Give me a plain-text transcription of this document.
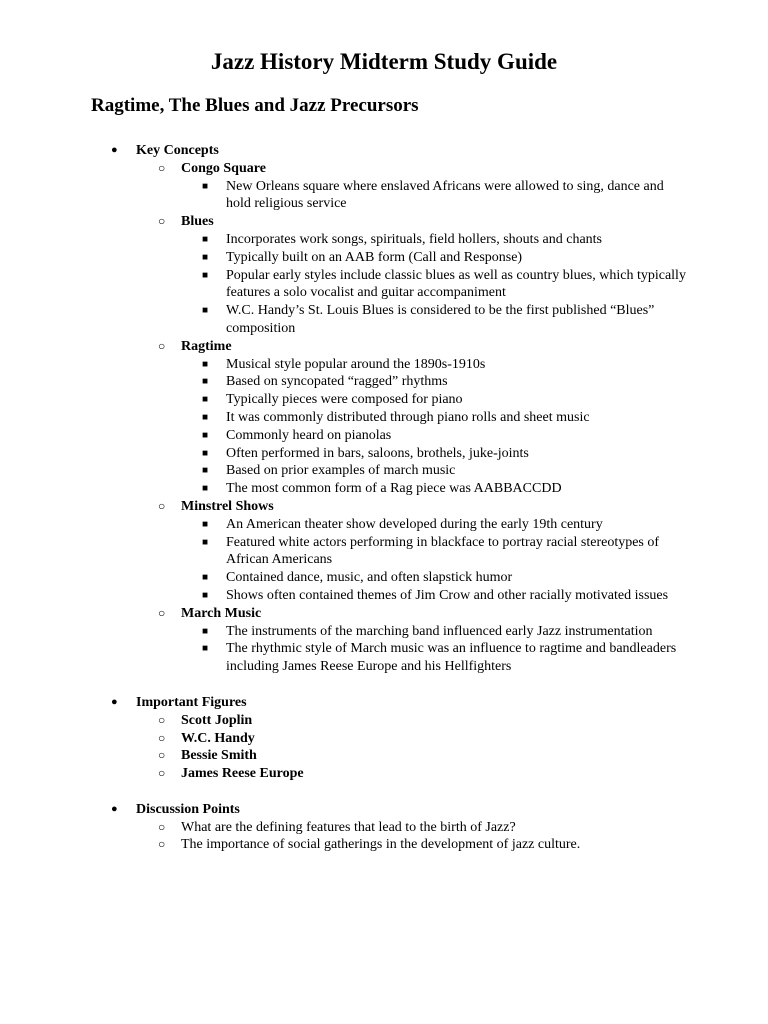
Jazz History Midterm Study Guide
Ragtime, The Blues and Jazz Precursors
● Key Concepts
○ Congo Square
■ New Orleans square where enslaved Africans were allowed to sing, dance and hold religious service
○ Blues
■ Incorporates work songs, spirituals, field hollers, shouts and chants
■ Typically built on an AAB form (Call and Response)
■ Popular early styles include classic blues as well as country blues, which typically features a solo vocalist and guitar accompaniment
■ W.C. Handy’s St. Louis Blues is considered to be the first published “Blues” composition
○ Ragtime
■ Musical style popular around the 1890s-1910s
■ Based on syncopated “ragged” rhythms
■ Typically pieces were composed for piano
■ It was commonly distributed through piano rolls and sheet music
■ Commonly heard on pianolas
■ Often performed in bars, saloons, brothels, juke-joints
■ Based on prior examples of march music
■ The most common form of a Rag piece was AABBACCDD
○ Minstrel Shows
■ An American theater show developed during the early 19th century
■ Featured white actors performing in blackface to portray racial stereotypes of African Americans
■ Contained dance, music, and often slapstick humor
■ Shows often contained themes of Jim Crow and other racially motivated issues
○ March Music
■ The instruments of the marching band influenced early Jazz instrumentation
■ The rhythmic style of March music was an influence to ragtime and bandleaders including James Reese Europe and his Hellfighters
● Important Figures
○ Scott Joplin
○ W.C. Handy
○ Bessie Smith
○ James Reese Europe
● Discussion Points
○ What are the defining features that lead to the birth of Jazz?
○ The importance of social gatherings in the development of jazz culture.
